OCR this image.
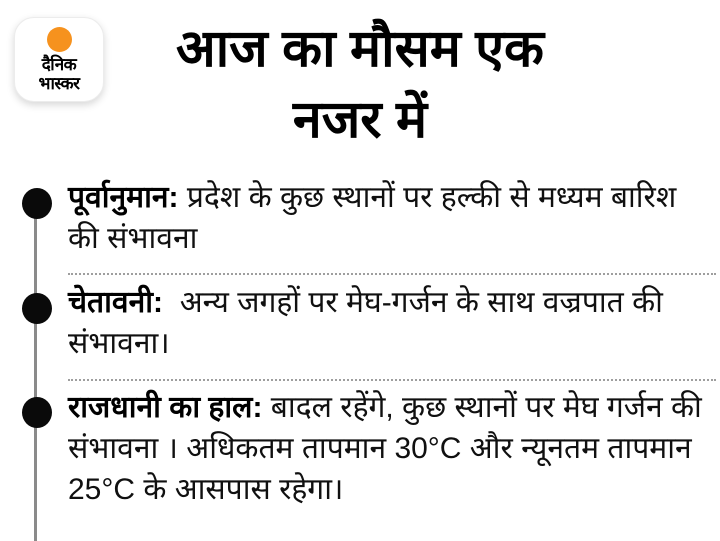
दैनिक
भास्कर
आज का मौसम एक
नजर में
पूर्वानुमान: प्रदेश के कुछ स्थानों पर हल्की से मध्यम बारिश की संभावना
चेतावनी: अन्य जगहों पर मेघ-गर्जन के साथ वज्रपात की संभावना।
राजधानी का हाल: बादल रहेंगे, कुछ स्थानों पर मेघ गर्जन की संभावना । अधिकतम तापमान 30°C और न्यूनतम तापमान 25°C के आसपास रहेगा।
